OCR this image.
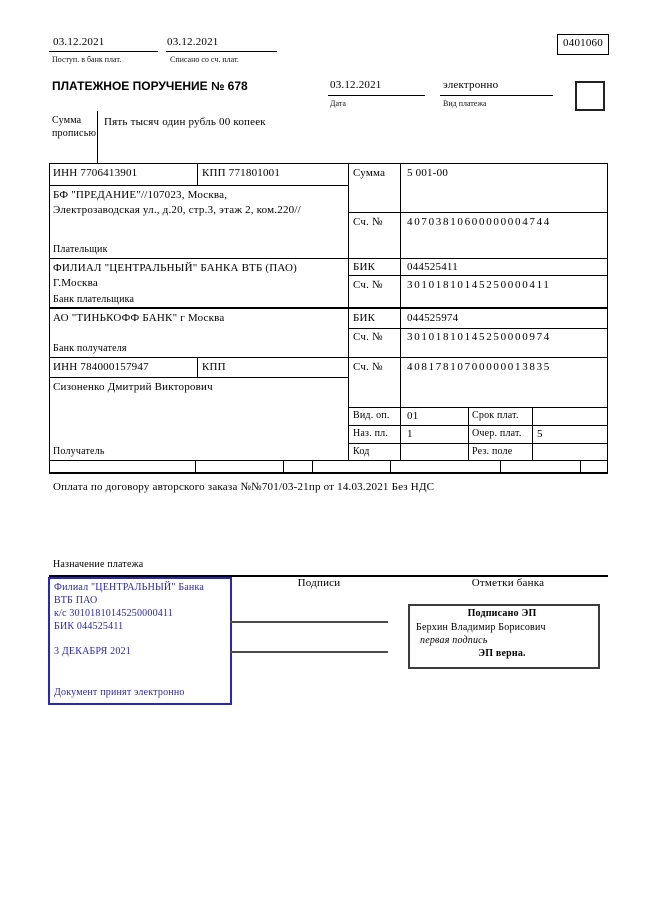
03.12.2021
Поступ. в банк плат.
03.12.2021
Списано со сч. плат.
0401060
ПЛАТЕЖНОЕ ПОРУЧЕНИЕ № 678	03.12.2021
Дата
электронно
Вид платежа
Сумма прописью
Пять тысяч один рубль 00 копеек
ИНН 7706413901	КПП 771801001
БФ "ПРЕДАНИЕ"//107023, Москва, Электрозаводская ул., д.20, стр.3, этаж 2, ком.220//
Плательщик
Сумма 5 001-00
Сч. № 40703810600000004744
ФИЛИАЛ "ЦЕНТРАЛЬНЫЙ" БАНКА ВТБ (ПАО) Г.Москва
Банк плательщика
БИК	044525411
Сч. № 30101810145250000411
АО "ТИНЬКОФФ БАНК" г Москва
Банк получателя
БИК	044525974
Сч. № 30101810145250000974
ИНН 784000157947	КПП
Сизоненко Дмитрий Викторович
Получатель
Сч. № 40817810700000013835
Вид. оп. 01	Срок плат.
Наз. пл. 1	Очер. плат. 5
Код	Рез. поле
Оплата по договору авторского заказа №№701/03-21пр от 14.03.2021 Без НДС
Назначение платежа
Филиал "ЦЕНТРАЛЬНЫЙ" Банка
ВТБ ПАО
к/с 30101810145250000411
БИК 044525411
3 ДЕКАБРЯ 2021
Документ принят электронно
Подписи	Отметки банка
Подписано ЭП
Берхин Владимир Борисович
первая подпись
ЭП верна.
